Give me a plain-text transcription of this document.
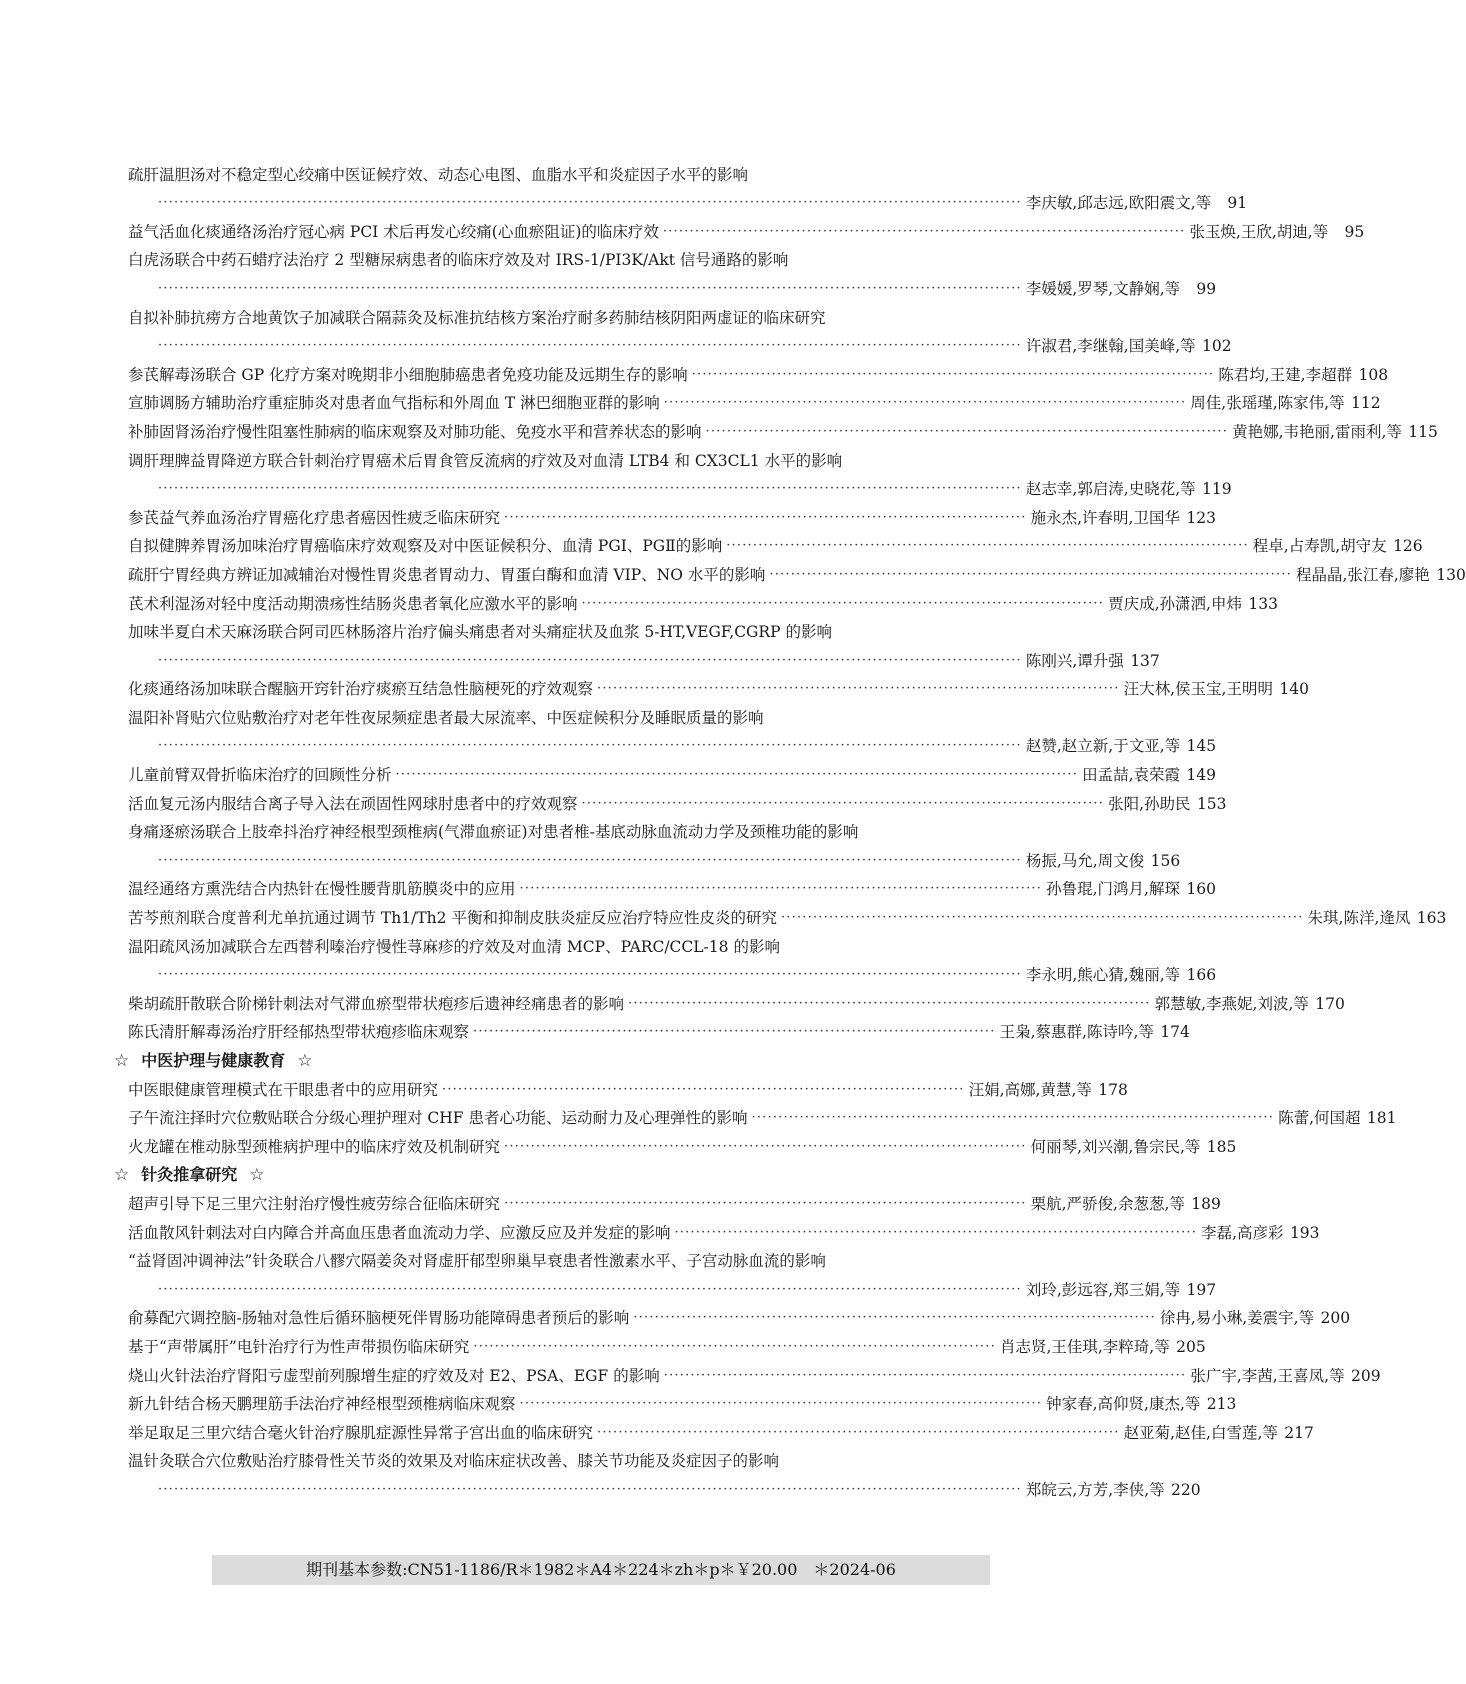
疏肝温胆汤对不稳定型心绞痛中医证候疗效、动态心电图、血脂水平和炎症因子水平的影响
·································································································································································· 李庆敏,邱志远,欧阳震文,等	91
益气活血化痰通络汤治疗冠心病 PCI 术后再发心绞痛(心血瘀阻证)的临床疗效 ·································································································· 张玉焕,王欣,胡迪,等	95
白虎汤联合中药石蜡疗法治疗 2 型糖尿病患者的临床疗效及对 IRS-1/PI3K/Akt 信号通路的影响
·································································································································································· 李媛媛,罗琴,文静娴,等	99
自拟补肺抗痨方合地黄饮子加减联合隔蒜灸及标准抗结核方案治疗耐多药肺结核阴阳两虚证的临床研究
·································································································································································· 许淑君,李继翰,国美峰,等 102
参芪解毒汤联合 GP 化疗方案对晚期非小细胞肺癌患者免疫功能及远期生存的影响 ·································································································· 陈君均,王建,李超群 108
宣肺调肠方辅助治疗重症肺炎对患者血气指标和外周血 T 淋巴细胞亚群的影响 ·································································································· 周佳,张瑶瑾,陈家伟,等 112
补肺固肾汤治疗慢性阻塞性肺病的临床观察及对肺功能、免疫水平和营养状态的影响 ·································································································· 黄艳娜,韦艳丽,雷雨利,等 115
调肝理脾益胃降逆方联合针刺治疗胃癌术后胃食管反流病的疗效及对血清 LTB4 和 CX3CL1 水平的影响
·································································································································································· 赵志幸,郭启涛,史晓花,等 119
参芪益气养血汤治疗胃癌化疗患者癌因性疲乏临床研究 ·································································································· 施永杰,许春明,卫国华 123
自拟健脾养胃汤加味治疗胃癌临床疗效观察及对中医证候积分、血清 PGⅠ、PGⅡ的影响 ·································································································· 程卓,占寿凯,胡守友 126
疏肝宁胃经典方辨证加减辅治对慢性胃炎患者胃动力、胃蛋白酶和血清 VIP、NO 水平的影响 ·································································································· 程晶晶,张江春,廖艳 130
芪术利湿汤对轻中度活动期溃疡性结肠炎患者氧化应激水平的影响 ·································································································· 贾庆成,孙潇洒,申炜 133
加味半夏白术天麻汤联合阿司匹林肠溶片治疗偏头痛患者对头痛症状及血浆 5-HT,VEGF,CGRP 的影响
·································································································································································· 陈刚兴,谭升强 137
化痰通络汤加味联合醒脑开窍针治疗痰瘀互结急性脑梗死的疗效观察 ·································································································· 汪大林,侯玉宝,王明明 140
温阳补肾贴穴位贴敷治疗对老年性夜尿频症患者最大尿流率、中医症候积分及睡眠质量的影响
·································································································································································· 赵赞,赵立新,于文亚,等 145
儿童前臂双骨折临床治疗的回顾性分析 ································································································································ 田孟喆,袁荣霞 149
活血复元汤内服结合离子导入法在顽固性网球肘患者中的疗效观察 ·································································································· 张阳,孙助民 153
身痛逐瘀汤联合上肢牵抖治疗神经根型颈椎病(气滞血瘀证)对患者椎-基底动脉血流动力学及颈椎功能的影响
·································································································································································· 杨振,马允,周文俊 156
温经通络方熏洗结合内热针在慢性腰背肌筋膜炎中的应用 ·································································································· 孙鲁琨,门鸿月,解琛 160
苦芩煎剂联合度普利尤单抗通过调节 Th1/Th2 平衡和抑制皮肤炎症反应治疗特应性皮炎的研究 ·································································································· 朱琪,陈洋,逄凤 163
温阳疏风汤加减联合左西替利嗪治疗慢性荨麻疹的疗效及对血清 MCP、PARC/CCL-18 的影响
·································································································································································· 李永明,熊心猜,魏丽,等 166
柴胡疏肝散联合阶梯针刺法对气滞血瘀型带状疱疹后遗神经痛患者的影响 ·································································································· 郭慧敏,李燕妮,刘波,等 170
陈氏清肝解毒汤治疗肝经郁热型带状疱疹临床观察 ·································································································· 王枭,蔡惠群,陈诗吟,等 174
☆ 中医护理与健康教育 ☆
中医眼健康管理模式在干眼患者中的应用研究 ·································································································· 汪娟,高娜,黄慧,等 178
子午流注择时穴位敷贴联合分级心理护理对 CHF 患者心功能、运动耐力及心理弹性的影响 ·································································································· 陈蕾,何国超 181
火龙罐在椎动脉型颈椎病护理中的临床疗效及机制研究 ·································································································· 何丽琴,刘兴潮,鲁宗民,等 185
☆ 针灸推拿研究 ☆
超声引导下足三里穴注射治疗慢性疲劳综合征临床研究 ·································································································· 栗航,严骄俊,余葱葱,等 189
活血散风针刺法对白内障合并高血压患者血流动力学、应激反应及并发症的影响 ·································································································· 李磊,高彦彩 193
“益肾固冲调神法”针灸联合八髎穴隔姜灸对肾虚肝郁型卵巢早衰患者性激素水平、子宫动脉血流的影响
·································································································································································· 刘玲,彭远容,郑三娟,等 197
俞募配穴调控脑-肠轴对急性后循环脑梗死伴胃肠功能障碍患者预后的影响 ·································································································· 徐冉,易小琳,姜震宇,等 200
基于“声带属肝”电针治疗行为性声带损伤临床研究 ·································································································· 肖志贤,王佳琪,李粹琦,等 205
烧山火针法治疗肾阳亏虚型前列腺增生症的疗效及对 E2、PSA、EGF 的影响 ·································································································· 张广宇,李茜,王喜凤,等 209
新九针结合杨天鹏理筋手法治疗神经根型颈椎病临床观察 ·································································································· 钟家春,高仰贤,康杰,等 213
举足取足三里穴结合毫火针治疗腺肌症源性异常子宫出血的临床研究 ·································································································· 赵亚菊,赵佳,白雪莲,等 217
温针灸联合穴位敷贴治疗膝骨性关节炎的效果及对临床症状改善、膝关节功能及炎症因子的影响
·································································································································································· 郑皖云,方芳,李侠,等 220
期刊基本参数:CN51-1186/R＊1982＊A4＊224＊zh＊p＊￥20.00　＊2024-06
